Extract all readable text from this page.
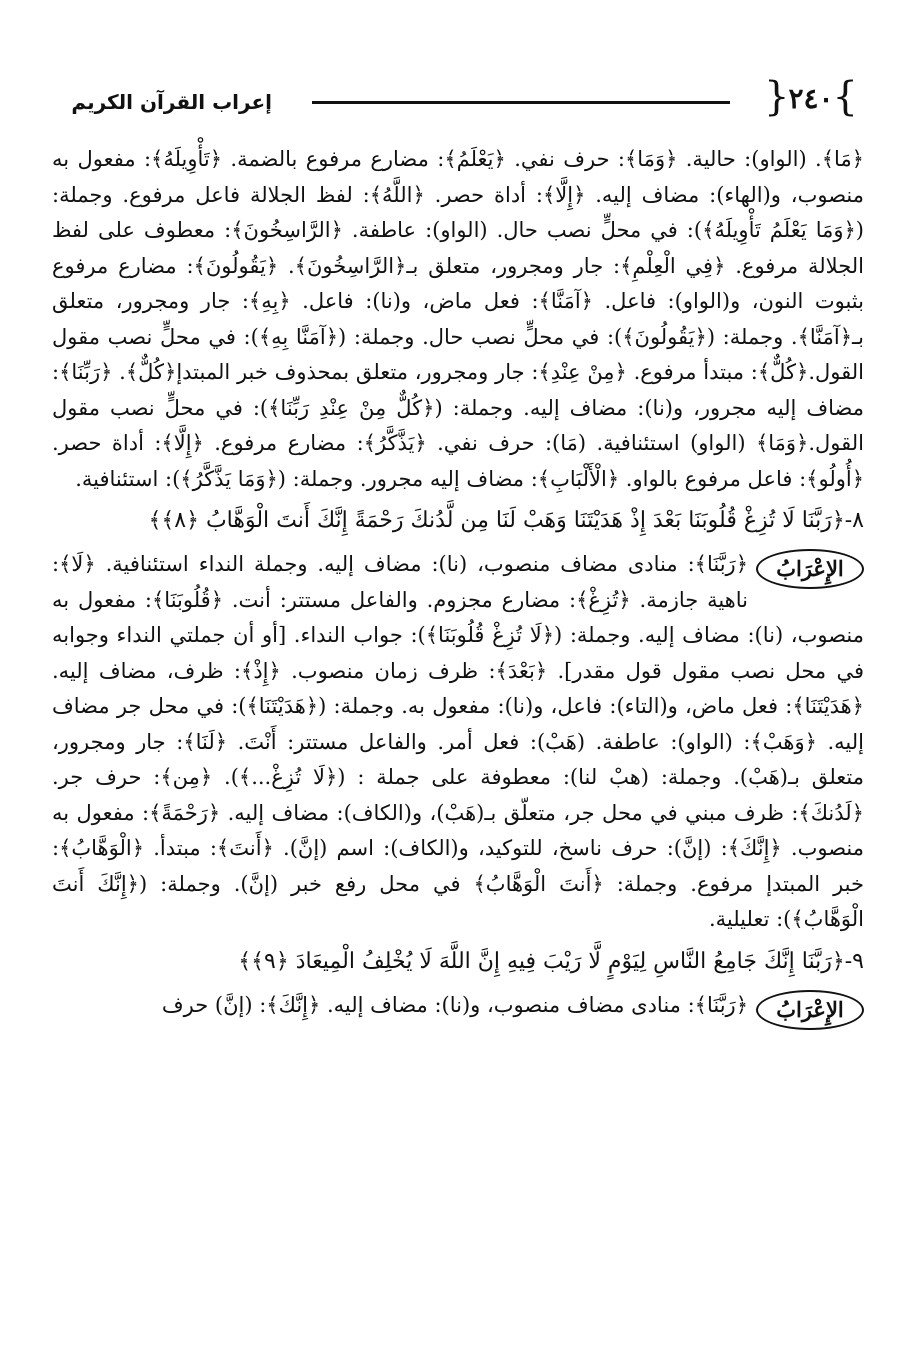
{
٢٤٠
}
إعراب القرآن الكريم

﴿مَا﴾. (الواو): حالية. ﴿وَمَا﴾: حرف نفي. ﴿يَعْلَمُ﴾: مضارع مرفوع بالضمة. ﴿تَأْوِيلَهُ﴾: مفعول به منصوب، و(الهاء): مضاف إليه. ﴿إِلَّا﴾: أداة حصر. ﴿اللَّهُ﴾: لفظ الجلالة فاعل مرفوع. وجملة: (﴿وَمَا يَعْلَمُ تَأْوِيلَهُ﴾): في محلٍّ نصب حال. (الواو): عاطفة. ﴿الرَّاسِخُونَ﴾: معطوف على لفظ الجلالة مرفوع. ﴿فِي الْعِلْمِ﴾: جار ومجرور، متعلق بـ﴿الرَّاسِخُونَ﴾. ﴿يَقُولُونَ﴾: مضارع مرفوع بثبوت النون، و(الواو): فاعل. ﴿آمَنَّا﴾: فعل ماض، و(نا): فاعل. ﴿بِهِ﴾: جار ومجرور، متعلق بـ﴿آمَنَّا﴾. وجملة: (﴿يَقُولُونَ﴾): في محلٍّ نصب حال. وجملة: (﴿آمَنَّا بِهِ﴾): في محلٍّ نصب مقول القول.﴿كُلٌّ﴾: مبتدأ مرفوع. ﴿مِنْ عِنْدِ﴾: جار ومجرور، متعلق بمحذوف خبر المبتدإ﴿كُلٌّ﴾. ﴿رَبِّنَا﴾: مضاف إليه مجرور، و(نا): مضاف إليه. وجملة: (﴿كُلٌّ مِنْ عِنْدِ رَبِّنَا﴾): في محلٍّ نصب مقول القول.﴿وَمَا﴾ (الواو) استئنافية. (مَا): حرف نفي. ﴿يَذَّكَّرُ﴾: مضارع مرفوع. ﴿إِلَّا﴾: أداة حصر. ﴿أُولُو﴾: فاعل مرفوع بالواو. ﴿الْأَلْبَابِ﴾: مضاف إليه مجرور. وجملة: (﴿وَمَا يَذَّكَّرُ﴾): استئنافية.

٨-﴿رَبَّنَا لَا تُزِغْ قُلُوبَنَا بَعْدَ إِذْ هَدَيْتَنَا وَهَبْ لَنَا مِن لَّدُنكَ رَحْمَةً إِنَّكَ أَنتَ الْوَهَّابُ ﴿٨﴾﴾

الإِعْرَابُ

﴿رَبَّنَا﴾: منادى مضاف منصوب، (نا): مضاف إليه. وجملة النداء استئنافية. ﴿لَا﴾: ناهية جازمة. ﴿تُزِغْ﴾: مضارع مجزوم. والفاعل مستتر: أنت. ﴿قُلُوبَنَا﴾: مفعول به منصوب، (نا): مضاف إليه. وجملة: (﴿لَا تُزِغْ قُلُوبَنَا﴾): جواب النداء. [أو أن جملتي النداء وجوابه في محل نصب مقول قول مقدر]. ﴿بَعْدَ﴾: ظرف زمان منصوب. ﴿إِذْ﴾: ظرف، مضاف إليه. ﴿هَدَيْتَنَا﴾: فعل ماض، و(التاء): فاعل، و(نا): مفعول به. وجملة: (﴿هَدَيْتَنَا﴾): في محل جر مضاف إليه. ﴿وَهَبْ﴾: (الواو): عاطفة. (هَبْ): فعل أمر. والفاعل مستتر: أَنْتَ. ﴿لَنَا﴾: جار ومجرور، متعلق بـ(هَبْ). وجملة: (هبْ لنا): معطوفة على جملة : (﴿لَا تُزِغْ...﴾). ﴿مِن﴾: حرف جر. ﴿لَدُنكَ﴾: ظرف مبني في محل جر، متعلّق بـ(هَبْ)، و(الكاف): مضاف إليه. ﴿رَحْمَةً﴾: مفعول به منصوب. ﴿إِنَّكَ﴾: (إنَّ): حرف ناسخ، للتوكيد، و(الكاف): اسم (إنَّ). ﴿أَنتَ﴾: مبتدأ. ﴿الْوَهَّابُ﴾: خبر المبتدإ مرفوع. وجملة: ﴿أَنتَ الْوَهَّابُ﴾ في محل رفع خبر (إنَّ). وجملة: (﴿إِنَّكَ أَنتَ الْوَهَّابُ﴾): تعليلية.

٩-﴿رَبَّنَا إِنَّكَ جَامِعُ النَّاسِ لِيَوْمٍ لَّا رَيْبَ فِيهِ إِنَّ اللَّهَ لَا يُخْلِفُ الْمِيعَادَ ﴿٩﴾﴾

الإِعْرَابُ

﴿رَبَّنَا﴾: منادى مضاف منصوب، و(نا): مضاف إليه. ﴿إِنَّكَ﴾: (إنَّ) حرف
